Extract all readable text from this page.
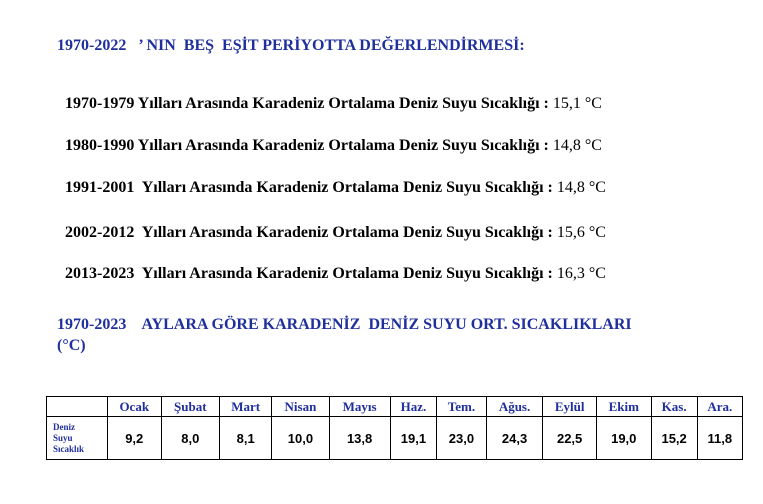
1970-2022   ’ NIN  BEŞ  EŞİT PERİYOTTA DEĞERLENDİRMESİ:

1970-1979 Yılları Arasında Karadeniz Ortalama Deniz Suyu Sıcaklığı : 15,1 °C

1980-1990 Yılları Arasında Karadeniz Ortalama Deniz Suyu Sıcaklığı : 14,8 °C

1991-2001  Yılları Arasında Karadeniz Ortalama Deniz Suyu Sıcaklığı : 14,8 °C

2002-2012  Yılları Arasında Karadeniz Ortalama Deniz Suyu Sıcaklığı : 15,6 °C

2013-2023  Yılları Arasında Karadeniz Ortalama Deniz Suyu Sıcaklığı : 16,3 °C

1970-2023    AYLARA GÖRE KARADENİZ  DENİZ SUYU ORT. SICAKLIKLARI
(°C)
	Ocak	Şubat	Mart	Nisan	Mayıs	Haz.	Tem.	Ağus.	Eylül	Ekim	Kas.	Ara.

Deniz
Suyu
Sıcaklık	9,2	8,0	8,1	10,0	13,8	19,1	23,0	24,3	22,5	19,0	15,2	11,8
